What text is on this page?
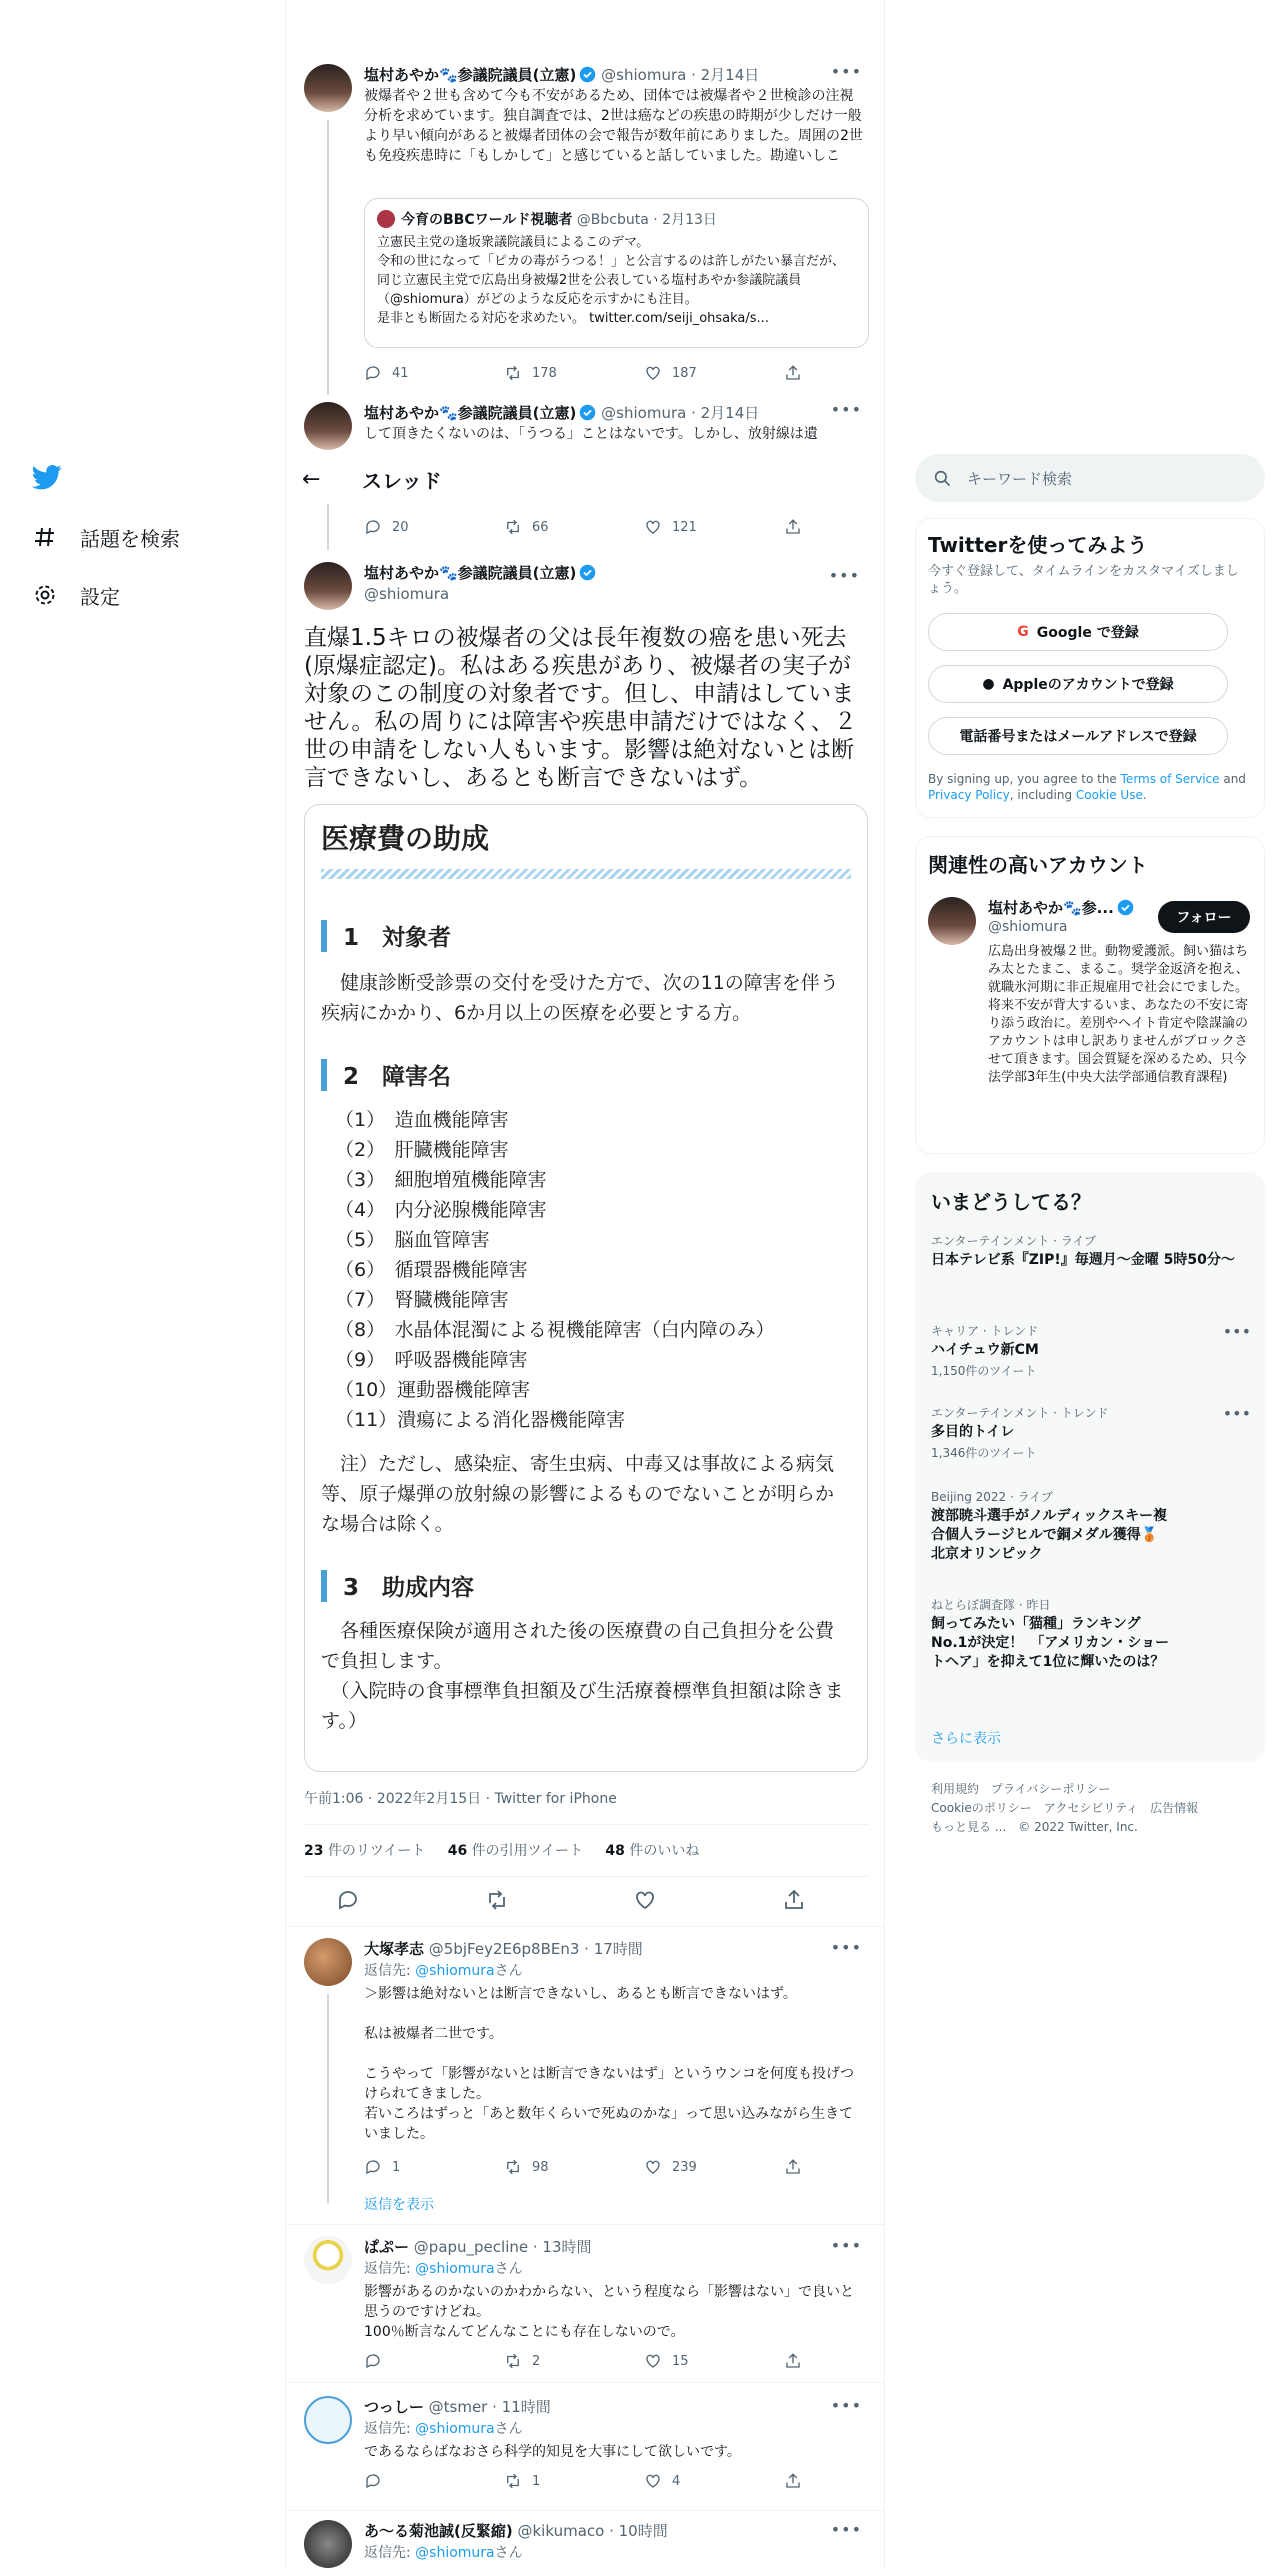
話題を検索
設定
塩村あやか🐾参議院議員(立憲) @shiomura · 2月14日	•••
被爆者や２世も含めて今も不安があるため、団体では被爆者や２世検診の注視分析を求めています。独自調査では、2世は癌などの疾患の時期が少しだけ一般より早い傾向があると被爆者団体の会で報告が数年前にありました。周囲の2世も免疫疾患時に「もしかして」と感じていると話していました。勘違いしこ
今育のBBCワールド視聴者 @Bbcbuta · 2月13日
立憲民主党の逢坂衆議院議員によるこのデマ。
令和の世になって「ピカの毒がうつる！」と公言するのは許しがたい暴言だが、同じ立憲民主党で広島出身被爆2世を公表している塩村あやか参議院議員（@shiomura）がどのような反応を示すかにも注目。
是非とも断固たる対応を求めたい。 twitter.com/seiji_ohsaka/s...
41	178	187
塩村あやか🐾参議院議員(立憲) @shiomura · 2月14日	•••
して頂きたくないのは、「うつる」ことはないです。しかし、放射線は遺
20	66	121
←	スレッド
塩村あやか🐾参議院議員(立憲)
@shiomura
•••
直爆1.5キロの被爆者の父は長年複数の癌を患い死去(原爆症認定)。私はある疾患があり、被爆者の実子が対象のこの制度の対象者です。但し、申請はしていません。私の周りには障害や疾患申請だけではなく、２世の申請をしない人もいます。影響は絶対ないとは断言できないし、あるとも断言できないはず。
医療費の助成
1　対象者
　健康診断受診票の交付を受けた方で、次の11の障害を伴う疾病にかかり、6か月以上の医療を必要とする方。
2　障害名
（1）　造血機能障害
（2）　肝臓機能障害
（3）　細胞増殖機能障害
（4）　内分泌腺機能障害
（5）　脳血管障害
（6）　循環器機能障害
（7）　腎臓機能障害
（8）　水晶体混濁による視機能障害（白内障のみ）
（9）　呼吸器機能障害
（10）運動器機能障害
（11）潰瘍による消化器機能障害
　注）ただし、感染症、寄生虫病、中毒又は事故による病気等、原子爆弾の放射線の影響によるものでないことが明らかな場合は除く。
3　助成内容
　各種医療保険が適用された後の医療費の自己負担分を公費で負担します。
　（入院時の食事標準負担額及び生活療養標準負担額は除きます。）
午前1:06 · 2022年2月15日 · Twitter for iPhone
23 件のリツイート 46 件の引用ツイート 48 件のいいね
大塚孝志 @5bjFey2E6p8BEn3 · 17時間	•••
返信先: @shiomuraさん
＞影響は絶対ないとは断言できないし、あるとも断言できないはず。

私は被爆者二世です。

こうやって「影響がないとは断言できないはず」というウンコを何度も投げつけられてきました。
若いころはずっと「あと数年くらいで死ぬのかな」って思い込みながら生きていました。
1	98	239
返信を表示
ぱぷー @papu_pecline · 13時間	•••
返信先: @shiomuraさん
影響があるのかないのかわからない、という程度なら「影響はない」で良いと思うのですけどね。
100％断言なんてどんなことにも存在しないので。
2	15
つっしー @tsmer · 11時間	•••
返信先: @shiomuraさん
であるならばなおさら科学的知見を大事にして欲しいです。
1	4
あ〜る菊池誠(反緊縮) @kikumaco · 10時間	•••
返信先: @shiomuraさん
キーワード検索
Twitterを使ってみよう
今すぐ登録して、タイムラインをカスタマイズしましょう。
G Google で登録
● Appleのアカウントで登録
電話番号またはメールアドレスで登録
By signing up, you agree to the Terms of Service and Privacy Policy, including Cookie Use.
関連性の高いアカウント
塩村あやか🐾参...
@shiomura
フォロー
広島出身被爆２世。動物愛護派。飼い猫はちみ太とたまこ、まるこ。奨学金返済を抱え、就職氷河期に非正規雇用で社会にでました。将来不安が背大するいま、あなたの不安に寄り添う政治に。差別やヘイト肯定や陰謀論のアカウントは申し訳ありませんがブロックさせて頂きます。国会質疑を深めるため、只今法学部3年生(中央大法学部通信教育課程)
いまどうしてる？
エンターテインメント · ライブ
日本テレビ系『ZIP!』毎週月〜金曜 5時50分〜
キャリア · トレンド
ハイチュウ新CM
1,150件のツイート
•••
エンターテインメント · トレンド
多目的トイレ
1,346件のツイート
•••
Beijing 2022 · ライブ
渡部暁斗選手がノルディックスキー複合個人ラージヒルで銅メダル獲得🥉北京オリンピック
ねとらぼ調査隊 · 昨日
飼ってみたい「猫種」ランキングNo.1が決定！　「アメリカン・ショートヘア」を抑えて1位に輝いたのは？
さらに表示
利用規約　プライバシーポリシー
Cookieのポリシー　アクセシビリティ　広告情報
もっと見る ...　© 2022 Twitter, Inc.
